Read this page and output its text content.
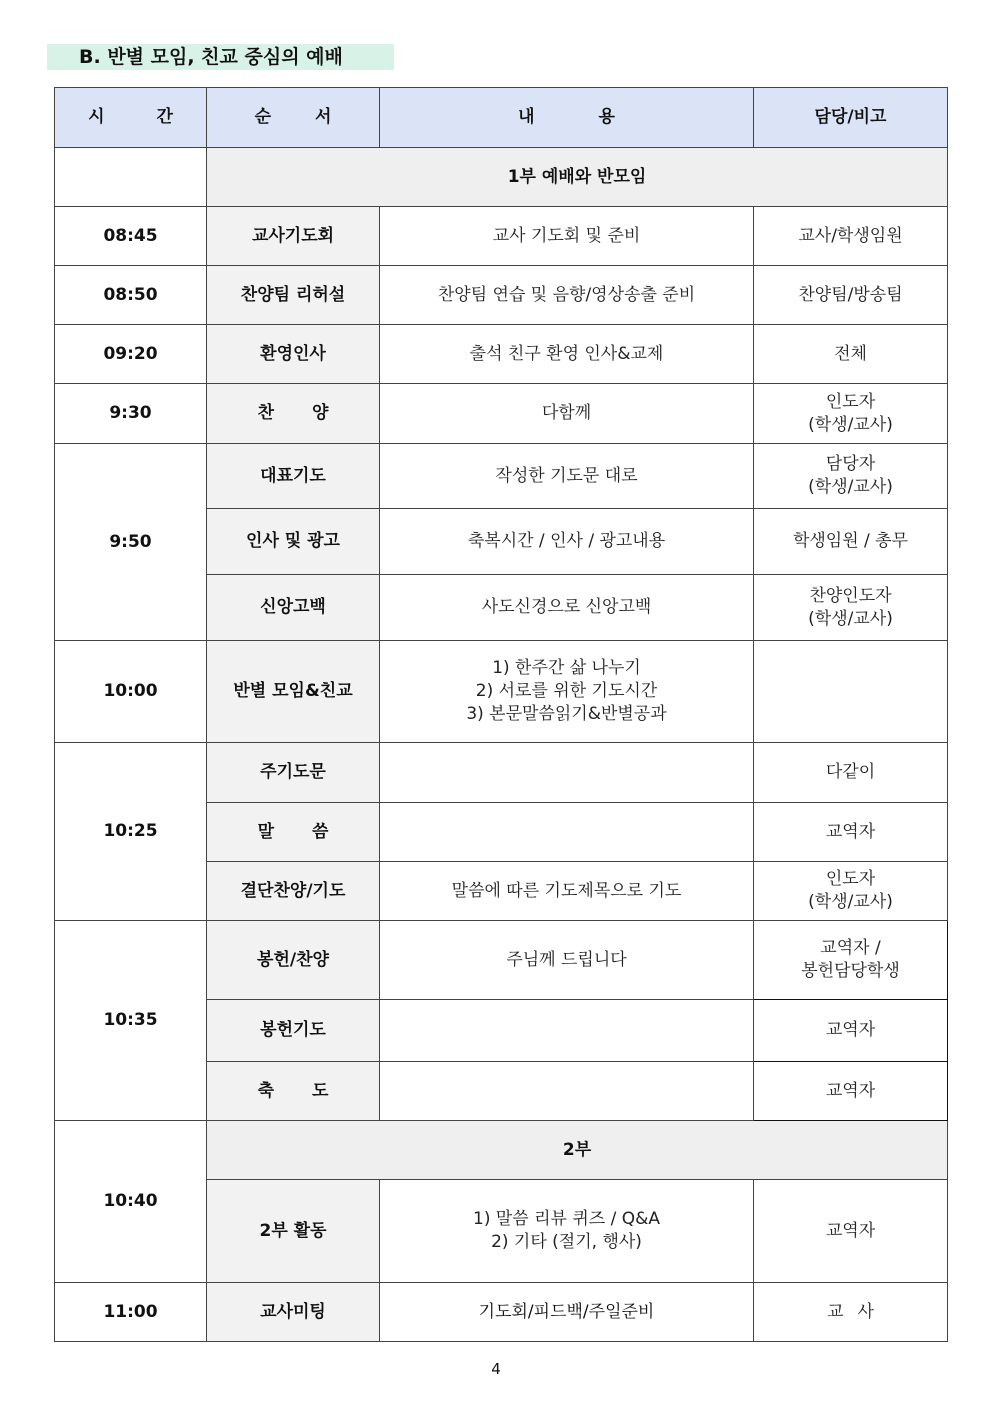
B. 반별 모임, 친교 중심의 예배
시 간	순 서	내 용	담당/비고
	1부 예배와 반모임		
08:45	교사기도회	교사 기도회 및 준비	교사/학생임원
08:50	찬양팀 리허설	찬양팀 연습 및 음향/영상송출 준비	찬양팀/방송팀
09:20	환영인사	출석 친구 환영 인사&교제	전체
9:30	찬 양	다함께	인도자
(학생/교사)

9:50	대표기도	작성한 기도문 대로	담당자
(학생/교사)

	인사 및 광고	축복시간 / 인사 / 광고내용	학생임원 / 총무
	신앙고백	사도신경으로 신앙고백	찬양인도자
(학생/교사)

10:00	반별 모임&친교	1) 한주간 삶 나누기
2) 서로를 위한 기도시간
3) 본문말씀읽기&반별공과	

10:25	주기도문		다같이
	말 씀		교역자
	결단찬양/기도	말씀에 따른 기도제목으로 기도	인도자
(학생/교사)

10:35	봉헌/찬양	주님께 드립니다	교역자 /
봉헌담당학생

	봉헌기도		교역자
	축 도		교역자
10:40	2부		
	2부 활동	1) 말씀 리뷰 퀴즈 / Q&A
2) 기타 (절기, 행사)	교역자
11:00	교사미팅	기도회/피드백/주일준비	교 사
4
